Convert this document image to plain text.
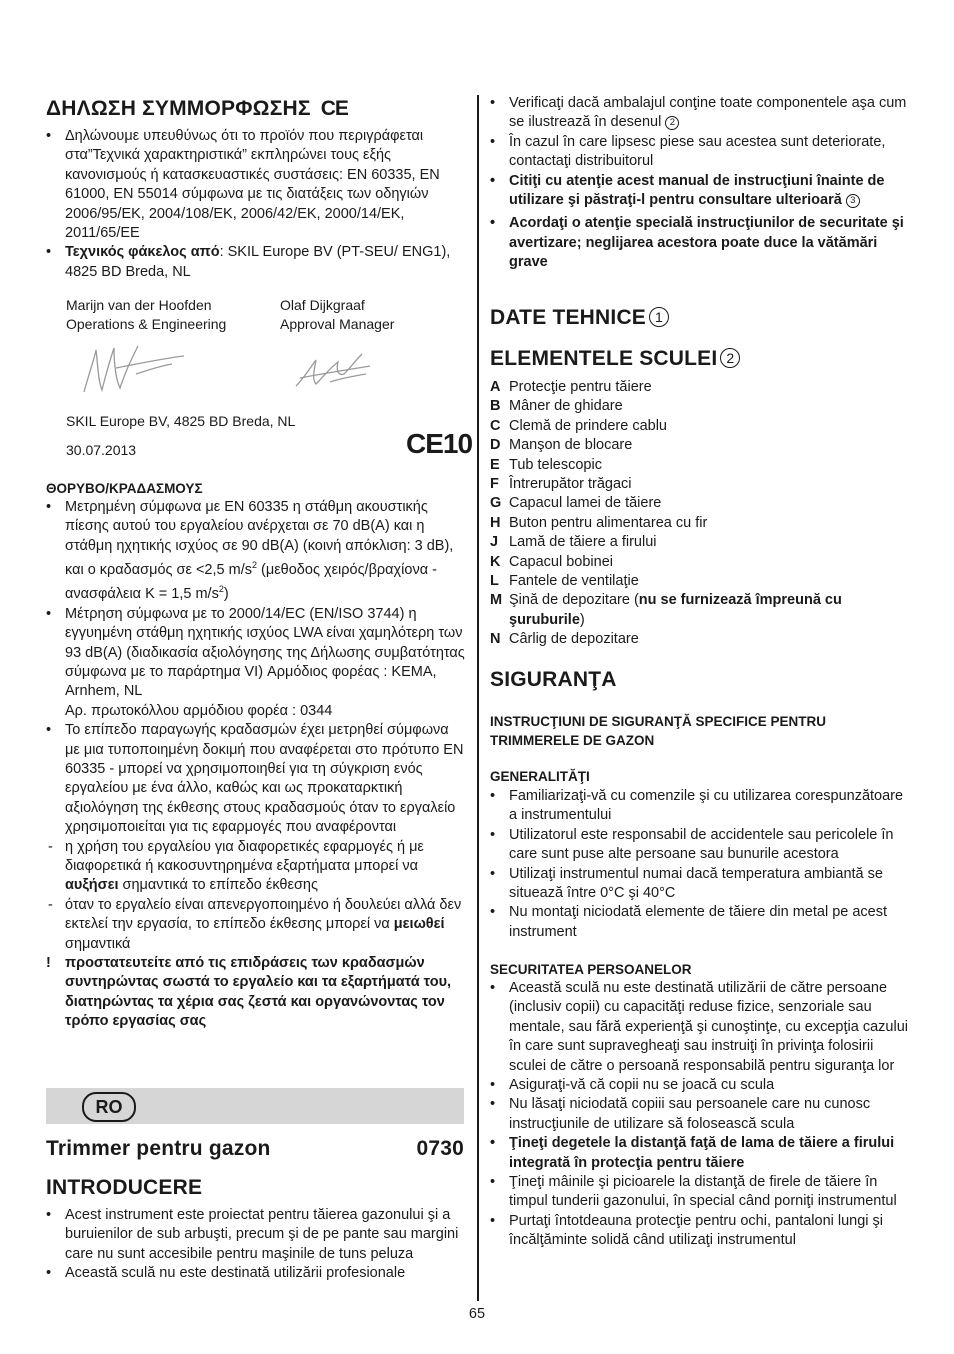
ΔΗΛΩΣΗ ΣΥΜΜΟΡΦΩΣΗΣ CE
• Δηλώνουμε υπευθύνως ότι το προϊόν που περιγράφεται στα”Τεχνικά χαρακτηριστικά” εκπληρώνει τους εξής κανονισμούς ή κατασκευαστικές συστάσεις: EN 60335, EN 61000, EN 55014 σύμφωνα με τις διατάξεις των οδηγιών 2006/95/EK, 2004/108/EK, 2006/42/EK, 2000/14/EK, 2011/65/EE
• Τεχνικός φάκελος από: SKIL Europe BV (PT-SEU/ ENG1), 4825 BD Breda, NL
Marijn van der Hoofden
Operations & Engineering
Olaf Dijkgraaf
Approval Manager
SKIL Europe BV, 4825 BD Breda, NL
30.07.2013	CE10
ΘΟΡΥΒΟ/ΚΡΑΔΑΣΜΟΥΣ
• Μετρημένη σύμφωνα με EN 60335 η στάθμη ακουστικής πίεσης αυτού του εργαλείου ανέρχεται σε 70 dB(A) και η στάθμη ηχητικής ισχύος σε 90 dB(A) (κοινή απόκλιση: 3 dB), και ο κραδασμός σε <2,5 $m/s^2$ (μεθοδος χειρός/βραχίονα - ανασφάλεια K = 1,5 $m/s^2$)
• Μέτρηση σύμφωνα με το 2000/14/EC (EN/ISO 3744) η εγγυημένη στάθμη ηχητικής ισχύος LWA είναι χαμηλότερη των 93 dB(A) (διαδικασία αξιολόγησης της Δήλωσης συμβατότητας σύμφωνα με το παράρτημα VI) Αρμόδιος φορέας : KEMA, Arnhem, NL
Αρ. πρωτοκόλλου αρμόδιου φορέα : 0344
• Το επίπεδο παραγωγής κραδασμών έχει μετρηθεί σύμφωνα με μια τυποποιημένη δοκιμή που αναφέρεται στο πρότυπο EN 60335 - μπορεί να χρησιμοποιηθεί για τη σύγκριση ενός εργαλείου με ένα άλλο, καθώς και ως προκαταρκτική αξιολόγηση της έκθεσης στους κραδασμούς όταν το εργαλείο χρησιμοποιείται για τις εφαρμογές που αναφέρονται
- η χρήση του εργαλείου για διαφορετικές εφαρμογές ή με διαφορετικά ή κακοσυντηρημένα εξαρτήματα μπορεί να αυξήσει σημαντικά το επίπεδο έκθεσης
- όταν το εργαλείο είναι απενεργοποιημένο ή δουλεύει αλλά δεν εκτελεί την εργασία, το επίπεδο έκθεσης μπορεί να μειωθεί σημαντικά
! προστατευτείτε από τις επιδράσεις των κραδασμών συντηρώντας σωστά το εργαλείο και τα εξαρτήματά του, διατηρώντας τα χέρια σας ζεστά και οργανώνοντας τον τρόπο εργασίας σας
RO
Trimmer pentru gazon	0730
INTRODUCERE
• Acest instrument este proiectat pentru tăierea gazonului şi a buruienilor de sub arbuşti, precum şi de pe pante sau margini care nu sunt accesibile pentru maşinile de tuns peluza
• Această sculă nu este destinată utilizării profesionale
• Verificaţi dacă ambalajul conţine toate componentele aşa cum se ilustrează în desenul 2
• În cazul în care lipsesc piese sau acestea sunt deteriorate, contactaţi distribuitorul
• Citiţi cu atenţie acest manual de instrucţiuni înainte de utilizare şi păstraţi-l pentru consultare ulterioară 3
• Acordaţi o atenţie specială instrucţiunilor de securitate şi avertizare; neglijarea acestora poate duce la vătămări grave
DATE TEHNICE 1
ELEMENTELE SCULEI 2
A Protecţie pentru tăiere
B Mâner de ghidare
C Clemă de prindere cablu
D Manşon de blocare
E Tub telescopic
F Întrerupător trăgaci
G Capacul lamei de tăiere
H Buton pentru alimentarea cu fir
J Lamă de tăiere a firului
K Capacul bobinei
L Fantele de ventilaţie
M Şină de depozitare (nu se furnizează împreună cu şuruburile)
N Cârlig de depozitare
SIGURANŢA
INSTRUCŢIUNI DE SIGURANŢĂ SPECIFICE PENTRU TRIMMERELE DE GAZON
GENERALITĂŢI
• Familiarizaţi-vă cu comenzile şi cu utilizarea corespunzătoare a instrumentului
• Utilizatorul este responsabil de accidentele sau pericolele în care sunt puse alte persoane sau bunurile acestora
• Utilizaţi instrumentul numai dacă temperatura ambiantă se situează între 0°C şi 40°C
• Nu montaţi niciodată elemente de tăiere din metal pe acest instrument
SECURITATEA PERSOANELOR
• Această sculă nu este destinată utilizării de către persoane (inclusiv copii) cu capacităţi reduse fizice, senzoriale sau mentale, sau fără experienţă şi cunoştinţe, cu excepţia cazului în care sunt supravegheaţi sau instruiţi în privinţa folosirii sculei de către o persoană responsabilă pentru siguranţa lor
• Asiguraţi-vă că copii nu se joacă cu scula
• Nu lăsaţi niciodată copiii sau persoanele care nu cunosc instrucţiunile de utilizare să folosească scula
• Ţineţi degetele la distanţă faţă de lama de tăiere a firului integrată în protecţia pentru tăiere
• Ţineţi mâinile şi picioarele la distanţă de firele de tăiere în timpul tunderii gazonului, în special când porniţi instrumentul
• Purtaţi întotdeauna protecţie pentru ochi, pantaloni lungi şi încălţăminte solidă când utilizaţi instrumentul
65
